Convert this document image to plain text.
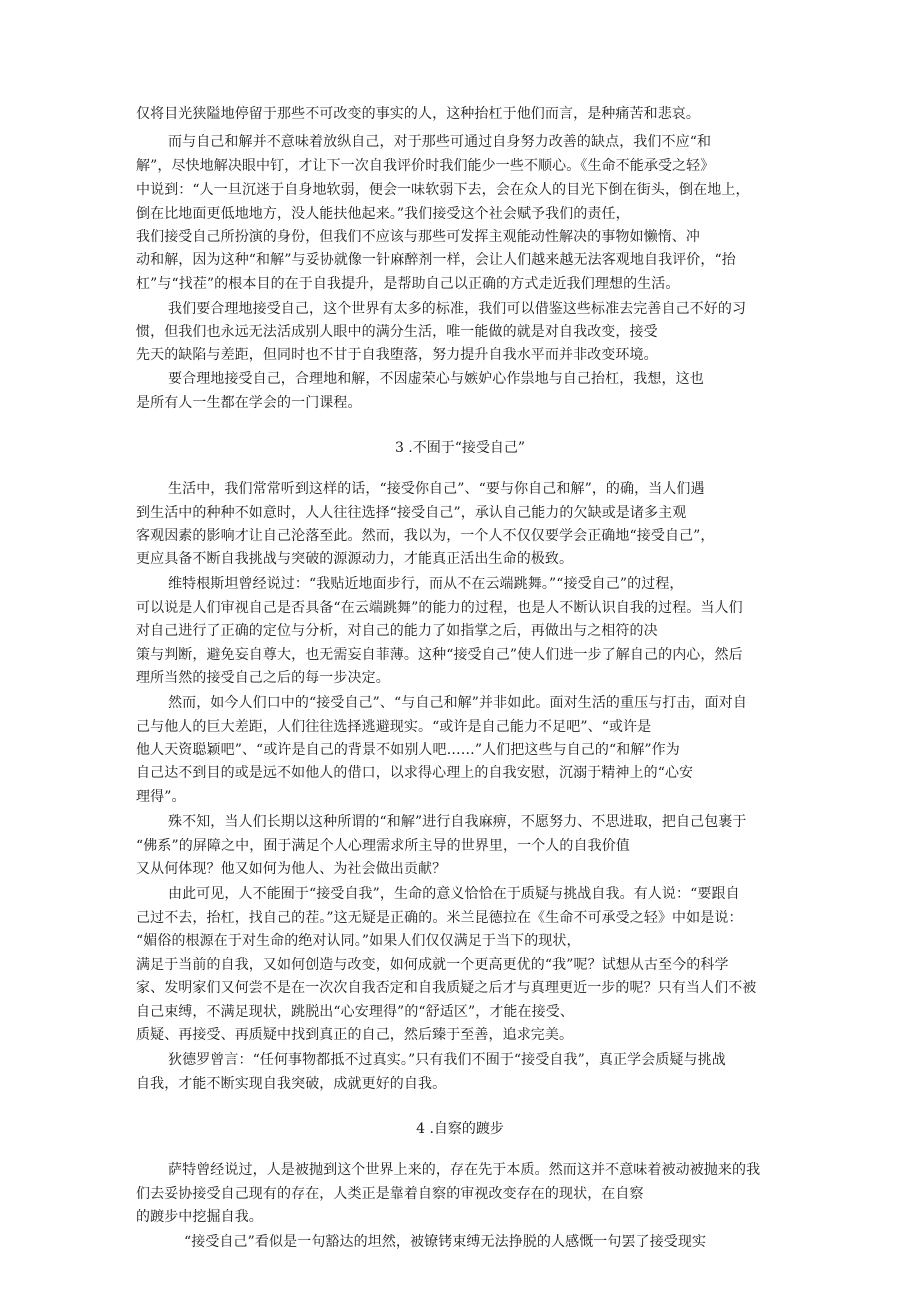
仅将目光狭隘地停留于那些不可改变的事实的人，这种抬杠于他们而言，是种痛苦和悲哀。
而与自己和解并不意味着放纵自己，对于那些可通过自身努力改善的缺点，我们不应“和
解”，尽快地解决眼中钉，才让下一次自我评价时我们能少一些不顺心。《生命不能承受之轻》
中说到：“人一旦沉迷于自身地软弱，便会一味软弱下去，会在众人的目光下倒在街头，倒在地上，
倒在比地面更低地地方，没人能扶他起来。”我们接受这个社会赋予我们的责任，
我们接受自己所扮演的身份，但我们不应该与那些可发挥主观能动性解决的事物如懒惰、冲
动和解，因为这种“和解”与妥协就像一针麻醉剂一样，会让人们越来越无法客观地自我评价，“抬
杠”与“找茬”的根本目的在于自我提升，是帮助自己以正确的方式走近我们理想的生活。
我们要合理地接受自己，这个世界有太多的标准，我们可以借鉴这些标准去完善自己不好的习
惯，但我们也永远无法活成别人眼中的满分生活，唯一能做的就是对自我改变，接受
先天的缺陷与差距，但同时也不甘于自我堕落，努力提升自我水平而并非改变环境。
要合理地接受自己，合理地和解，不因虚荣心与嫉妒心作祟地与自己抬杠，我想，这也
是所有人一生都在学会的一门课程。
3 .不囿于“接受自己”
生活中，我们常常听到这样的话，“接受你自己”、“要与你自己和解”，的确，当人们遇
到生活中的种种不如意时，人人往往选择“接受自己”，承认自己能力的欠缺或是诸多主观
客观因素的影响才让自己沦落至此。然而，我以为，一个人不仅仅要学会正确地“接受自己”，
更应具备不断自我挑战与突破的源源动力，才能真正活出生命的极致。
维特根斯坦曾经说过：“我贴近地面步行，而从不在云端跳舞。”“接受自己”的过程，
可以说是人们审视自己是否具备“在云端跳舞”的能力的过程，也是人不断认识自我的过程。当人们
对自己进行了正确的定位与分析，对自己的能力了如指掌之后，再做出与之相符的决
策与判断，避免妄自尊大，也无需妄自菲薄。这种“接受自己”使人们进一步了解自己的内心，然后
理所当然的接受自己之后的每一步决定。
然而，如今人们口中的“接受自己”、“与自己和解”并非如此。面对生活的重压与打击，面对自
己与他人的巨大差距，人们往往选择逃避现实。“或许是自己能力不足吧”、“或许是
他人天资聪颖吧”、“或许是自己的背景不如别人吧……”人们把这些与自己的“和解”作为
自己达不到目的或是远不如他人的借口，以求得心理上的自我安慰，沉溺于精神上的“心安
理得”。
殊不知，当人们长期以这种所谓的“和解”进行自我麻痹，不愿努力、不思进取，把自己包裹于
“佛系”的屏障之中，囿于满足个人心理需求所主导的世界里，一个人的自我价值
又从何体现？他又如何为他人、为社会做出贡献？
由此可见，人不能囿于“接受自我”，生命的意义恰恰在于质疑与挑战自我。有人说：“要跟自
己过不去，抬杠，找自己的茬。”这无疑是正确的。米兰昆德拉在《生命不可承受之轻》中如是说：
“媚俗的根源在于对生命的绝对认同。”如果人们仅仅满足于当下的现状，
满足于当前的自我，又如何创造与改变，如何成就一个更高更优的“我”呢？试想从古至今的科学
家、发明家们又何尝不是在一次次自我否定和自我质疑之后才与真理更近一步的呢？只有当人们不被
自己束缚，不满足现状，跳脱出“心安理得”的“舒适区”，才能在接受、
质疑、再接受、再质疑中找到真正的自己，然后臻于至善，追求完美。
狄德罗曾言：“任何事物都抵不过真实。”只有我们不囿于“接受自我”，真正学会质疑与挑战
自我，才能不断实现自我突破，成就更好的自我。
4 .自察的踱步
萨特曾经说过，人是被抛到这个世界上来的，存在先于本质。然而这并不意味着被动被抛来的我
们去妥协接受自己现有的存在，人类正是靠着自察的审视改变存在的现状，在自察
的踱步中挖掘自我。
“接受自己”看似是一句豁达的坦然，被镣铐束缚无法挣脱的人感慨一句罢了接受现实
